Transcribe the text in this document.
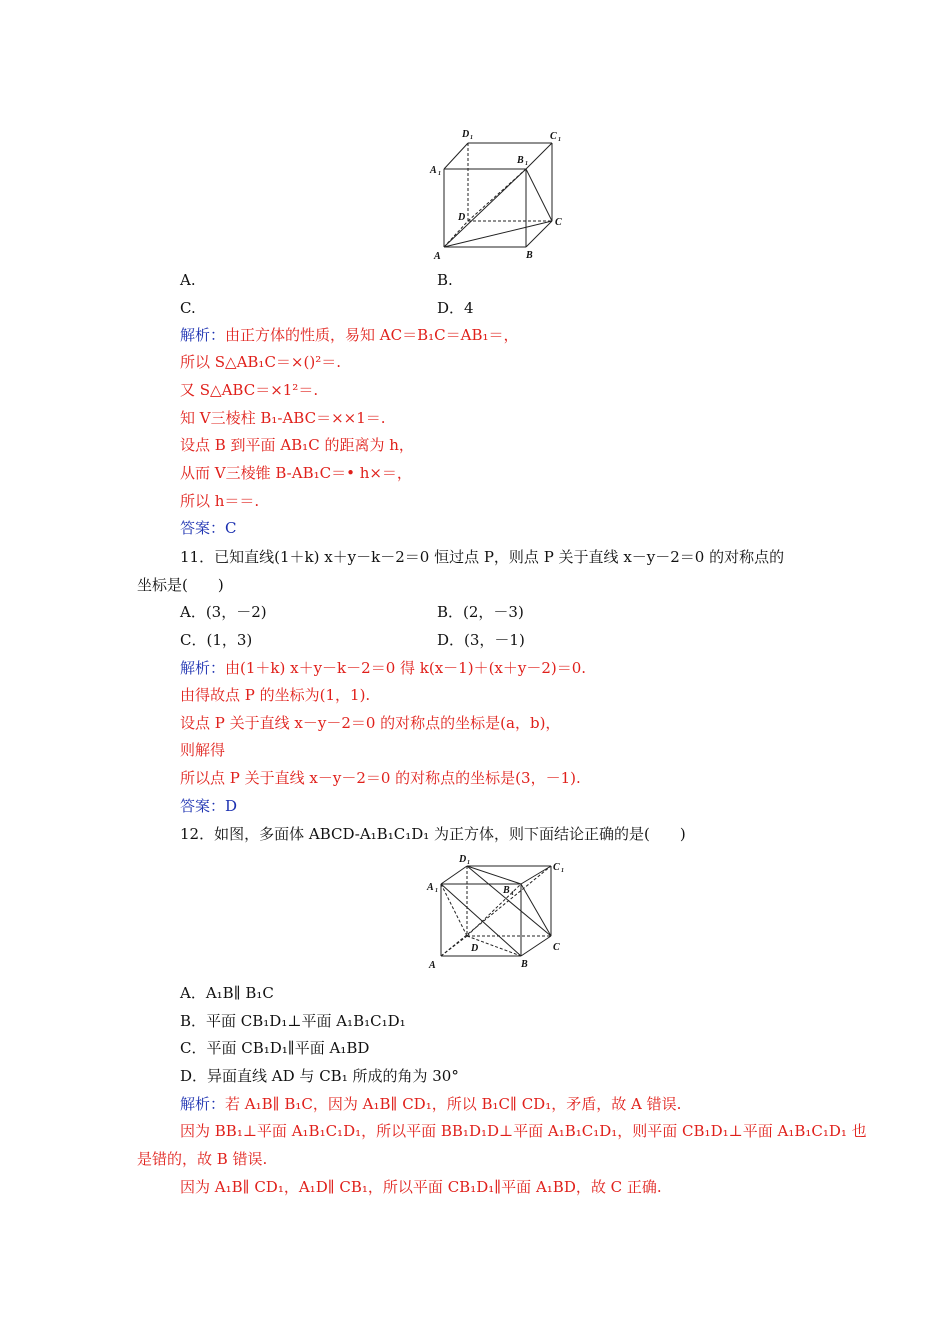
A	B
C
D
A 1
B 1
C 1
D 1
A.	B.
C.	D．4
解析：由正方体的性质，易知 AC＝B₁C＝AB₁＝，
所以 S△AB₁C＝×()²＝.
又 S△ABC＝×1²＝.
知 V三棱柱 B₁-ABC＝××1＝.
设点 B 到平面 AB₁C 的距离为 h，
从而 V三棱锥 B-AB₁C＝• h×＝，
所以 h＝＝.
答案：C
11．已知直线(1＋k) x＋y－k－2＝0 恒过点 P，则点 P 关于直线 x－y－2＝0 的对称点的
坐标是(　　)
A．(3，－2)	B．(2，－3)
C．(1，3)	D．(3，－1)
解析：由(1＋k) x＋y－k－2＝0 得 k(x－1)＋(x＋y－2)＝0.
由得故点 P 的坐标为(1，1).
设点 P 关于直线 x－y－2＝0 的对称点的坐标是(a，b)，
则解得
所以点 P 关于直线 x－y－2＝0 的对称点的坐标是(3，－1).
答案：D
12．如图，多面体 ABCD-A₁B₁C₁D₁ 为正方体，则下面结论正确的是(　　)
A	B
C
D
A 1	B 1
C 1
D 1
A．A₁B∥ B₁C
B．平面 CB₁D₁⊥平面 A₁B₁C₁D₁
C．平面 CB₁D₁∥平面 A₁BD
D．异面直线 AD 与 CB₁ 所成的角为 30°
解析：若 A₁B∥ B₁C，因为 A₁B∥ CD₁，所以 B₁C∥ CD₁，矛盾，故 A 错误.
因为 BB₁⊥平面 A₁B₁C₁D₁，所以平面 BB₁D₁D⊥平面 A₁B₁C₁D₁，则平面 CB₁D₁⊥平面 A₁B₁C₁D₁ 也
是错的，故 B 错误.
因为 A₁B∥ CD₁，A₁D∥ CB₁，所以平面 CB₁D₁∥平面 A₁BD，故 C 正确.
